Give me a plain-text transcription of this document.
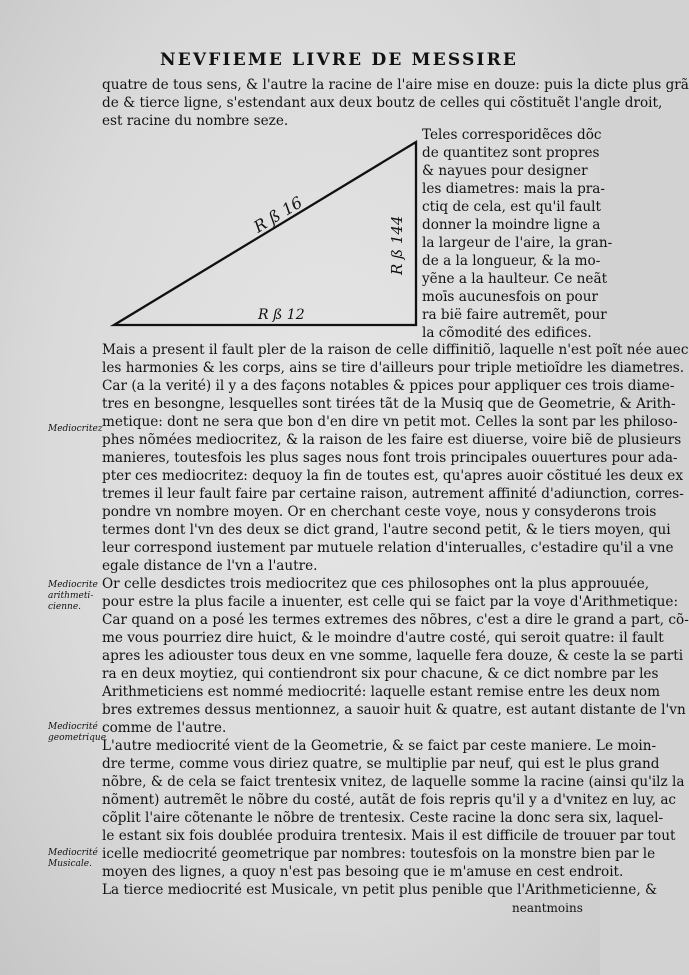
NEVFIEME LIVRE DE MESSIRE
quatre de tous sens, & l'autre la racine de l'aire mise en douze: puis la dicte plus grã
de & tierce ligne, s'estendant aux deux boutz de celles qui cõstituẽt l'angle droit,
est racine du nombre seze.
R ß 16
R ß 144
R ß 12
Teles corresporidẽces dõc
de quantitez sont propres
& nayues pour designer
les diametres: mais la pra-
ctiq de cela, est qu'il fault
donner la moindre ligne a
la largeur de l'aire, la gran-
de a la longueur, & la mo-
yẽne a la haulteur. Ce neãt
moīs aucunesfois on pour
ra bië faire autremẽt, pour
la cõmodité des edifices.
Mais a present il fault pler de la raison de celle diffinitiõ, laquelle n'est poĩt née auec
les harmonies & les corps, ains se tire d'ailleurs pour triple metioĩdre les diametres.
Car (a la verité) il y a des façons notables & ppices pour appliquer ces trois diame-
tres en besongne, lesquelles sont tirées tãt de la Musiq que de Geometrie, & Arith-
metique: dont ne sera que bon d'en dire vn petit mot. Celles la sont par les philoso-
phes nõmées mediocritez, & la raison de les faire est diuerse, voire biẽ de plusieurs
manieres, toutesfois les plus sages nous font trois principales ouuertures pour ada-
pter ces mediocritez: dequoy la fin de toutes est, qu'apres auoir cõstitué les deux ex
tremes il leur fault faire par certaine raison, autrement affinité d'adiunction, corres-
pondre vn nombre moyen. Or en cherchant ceste voye, nous y consyderons trois
termes dont l'vn des deux se dict grand, l'autre second petit, & le tiers moyen, qui
leur correspond iustement par mutuele relation d'interualles, c'estadire qu'il a vne
egale distance de l'vn a l'autre.
Or celle desdictes trois mediocritez que ces philosophes ont la plus approuuée,
pour estre la plus facile a inuenter, est celle qui se faict par la voye d'Arithmetique:
Car quand on a posé les termes extremes des nõbres, c'est a dire le grand a part, cõ-
me vous pourriez dire huict, & le moindre d'autre costé, qui seroit quatre: il fault
apres les adiouster tous deux en vne somme, laquelle fera douze, & ceste la se parti
ra en deux moytiez, qui contiendront six pour chacune, & ce dict nombre par les
Arithmeticiens est nommé mediocrité: laquelle estant remise entre les deux nom
bres extremes dessus mentionnez, a sauoir huit & quatre, est autant distante de l'vn
comme de l'autre.
L'autre mediocrité vient de la Geometrie, & se faict par ceste maniere. Le moin-
dre terme, comme vous diriez quatre, se multiplie par neuf, qui est le plus grand
nõbre, & de cela se faict trentesix vnitez, de laquelle somme la racine (ainsi qu'ilz la
nõment) autremẽt le nõbre du costé, autãt de fois repris qu'il y a d'vnitez en luy, ac
cõplit l'aire cõtenante le nõbre de trentesix. Ceste racine la donc sera six, laquel-
le estant six fois doublée produira trentesix. Mais il est difficile de trouuer par tout
icelle mediocrité geometrique par nombres: toutesfois on la monstre bien par le
moyen des lignes, a quoy n'est pas besoing que ie m'amuse en cest endroit.
La tierce mediocrité est Musicale, vn petit plus penible que l'Arithmeticienne, &
neantmoins
Mediocritez
Mediocrite
arithmeti-
cienne.
Mediocrité
geometrique
Mediocrité
Musicale.
